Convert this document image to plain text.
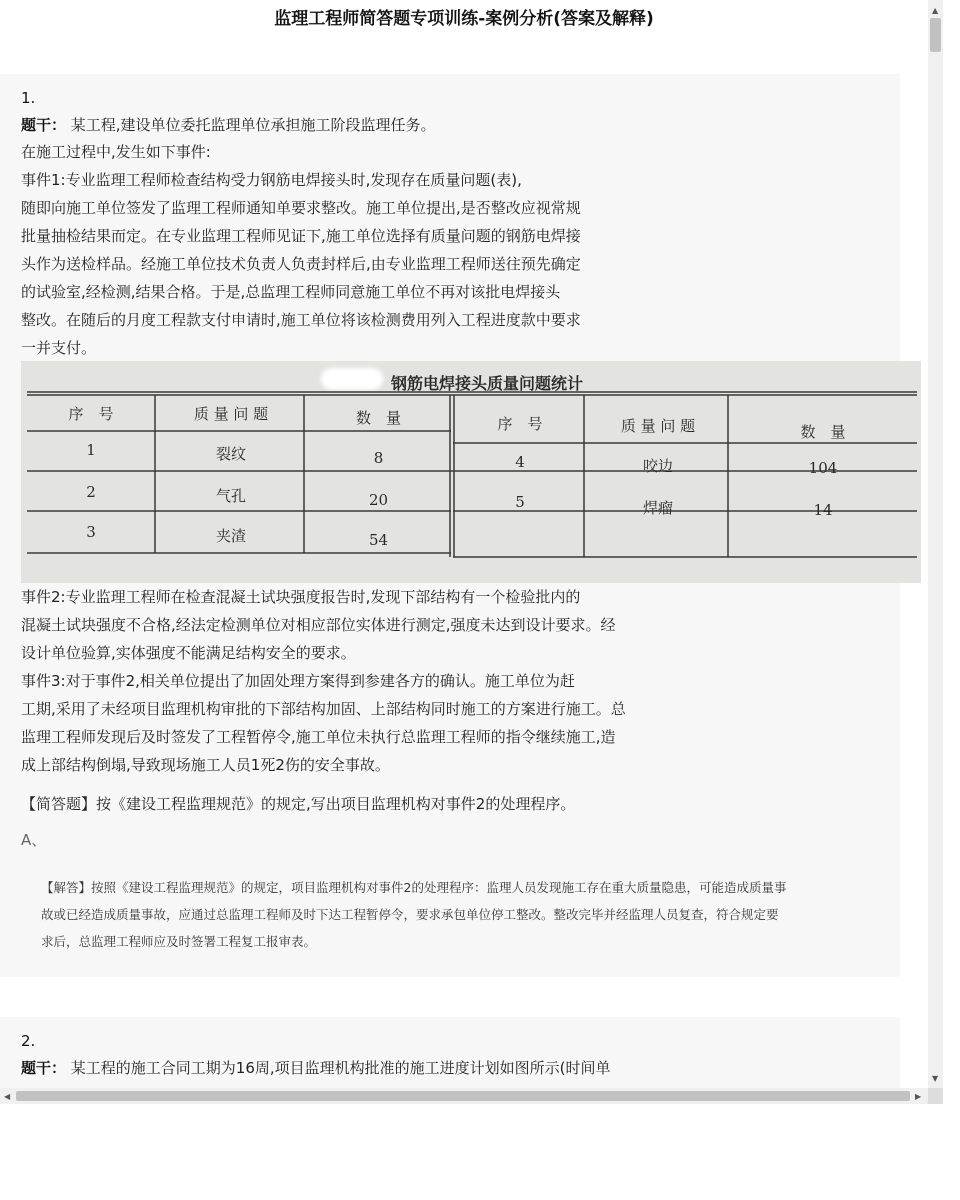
监理工程师简答题专项训练-案例分析(答案及解释)
1.
题干： 某工程,建设单位委托监理单位承担施工阶段监理任务。
在施工过程中,发生如下事件:
事件1:专业监理工程师检查结构受力钢筋电焊接头时,发现存在质量问题(表),
随即向施工单位签发了监理工程师通知单要求整改。施工单位提出,是否整改应视常规
批量抽检结果而定。在专业监理工程师见证下,施工单位选择有质量问题的钢筋电焊接
头作为送检样品。经施工单位技术负责人负责封样后,由专业监理工程师送往预先确定
的试验室,经检测,结果合格。于是,总监理工程师同意施工单位不再对该批电焊接头
整改。在随后的月度工程款支付申请时,施工单位将该检测费用列入工程进度款中要求
一并支付。
钢筋电焊接头质量问题统计
序　号	质 量 问 题	数　量	序　号	质 量 问 题	数　量
1	裂纹	8
2	气孔	20
3	夹渣	54
4	咬边	104
5	焊瘤	14
事件2:专业监理工程师在检查混凝土试块强度报告时,发现下部结构有一个检验批内的
混凝土试块强度不合格,经法定检测单位对相应部位实体进行测定,强度未达到设计要求。经
设计单位验算,实体强度不能满足结构安全的要求。
事件3:对于事件2,相关单位提出了加固处理方案得到参建各方的确认。施工单位为赶
工期,采用了未经项目监理机构审批的下部结构加固、上部结构同时施工的方案进行施工。总
监理工程师发现后及时签发了工程暂停令,施工单位未执行总监理工程师的指令继续施工,造
成上部结构倒塌,导致现场施工人员1死2伤的安全事故。
【简答题】按《建设工程监理规范》的规定,写出项目监理机构对事件2的处理程序。
A、
【解答】按照《建设工程监理规范》的规定，项目监理机构对事件2的处理程序：监理人员发现施工存在重大质量隐患，可能造成质量事
故或已经造成质量事故，应通过总监理工程师及时下达工程暂停令，要求承包单位停工整改。整改完毕并经监理人员复查，符合规定要
求后，总监理工程师应及时签署工程复工报审表。
2.
题干： 某工程的施工合同工期为16周,项目监理机构批准的施工进度计划如图所示(时间单
▲
▼
◀	▶
